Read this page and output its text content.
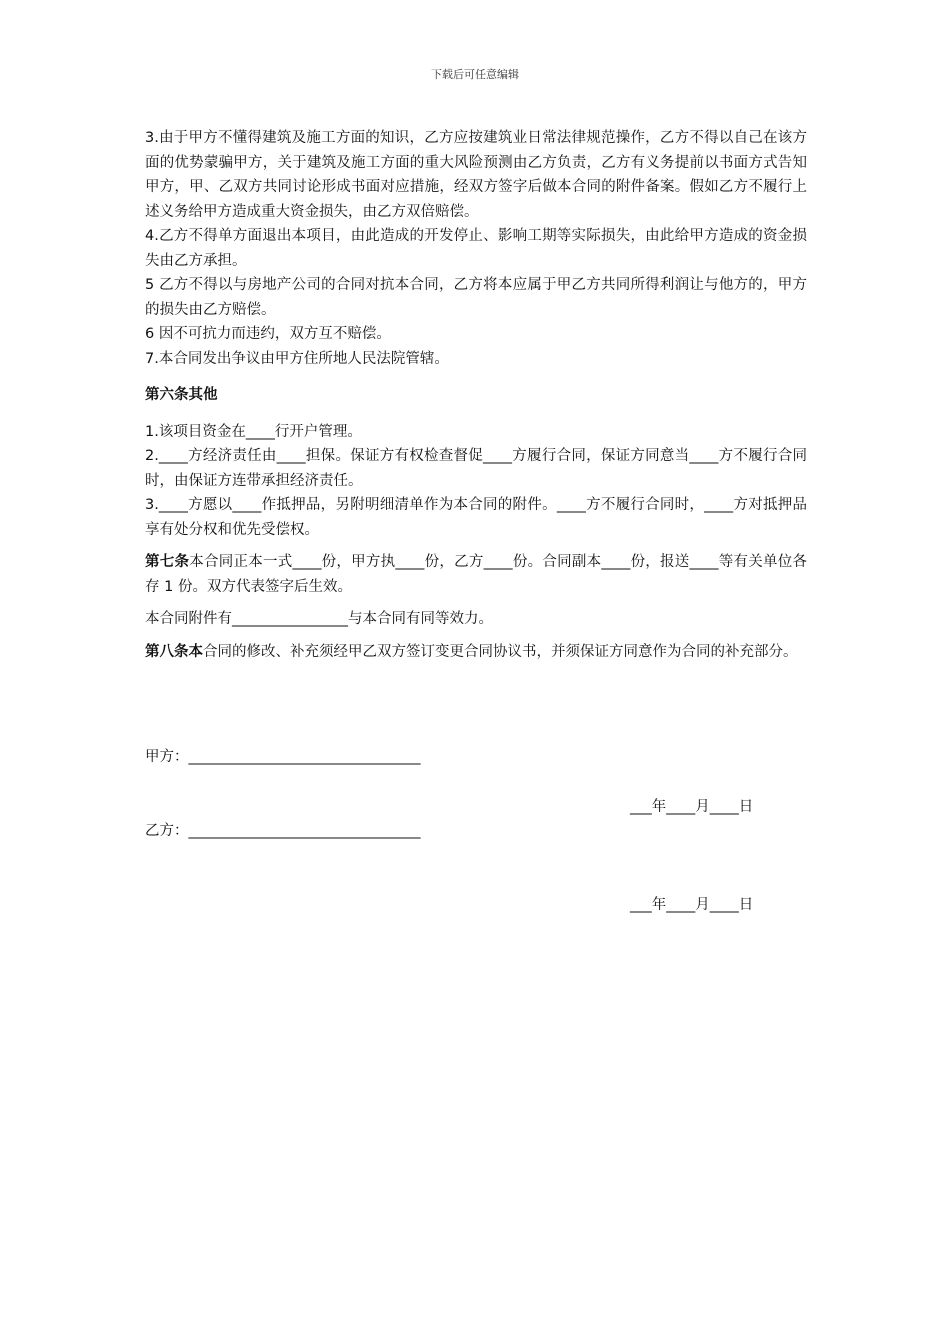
下载后可任意编辑

3.由于甲方不懂得建筑及施工方面的知识，乙方应按建筑业日常法律规范操作，乙方不得以自己在该方面的优势蒙骗甲方，关于建筑及施工方面的重大风险预测由乙方负责，乙方有义务提前以书面方式告知甲方，甲、乙双方共同讨论形成书面对应措施，经双方签字后做本合同的附件备案。假如乙方不履行上述义务给甲方造成重大资金损失，由乙方双倍赔偿。

4.乙方不得单方面退出本项目，由此造成的开发停止、影响工期等实际损失，由此给甲方造成的资金损失由乙方承担。

5 乙方不得以与房地产公司的合同对抗本合同，乙方将本应属于甲乙方共同所得利润让与他方的，甲方的损失由乙方赔偿。

6 因不可抗力而违约，双方互不赔偿。

7.本合同发出争议由甲方住所地人民法院管辖。

第六条其他

1.该项目资金在____行开户管理。

2.____方经济责任由____担保。保证方有权检查督促____方履行合同，保证方同意当____方不履行合同时，由保证方连带承担经济责任。

3.____方愿以____作抵押品，另附明细清单作为本合同的附件。____方不履行合同时，____方对抵押品享有处分权和优先受偿权。

第七条本合同正本一式____份，甲方执____份，乙方____份。合同副本____份，报送____等有关单位各存 1 份。双方代表签字后生效。

本合同附件有________________与本合同有同等效力。

第八条本合同的修改、补充须经甲乙双方签订变更合同协议书，并须保证方同意作为合同的补充部分。

甲方：________________________________
___年____月____日
乙方：________________________________
___年____月____日
